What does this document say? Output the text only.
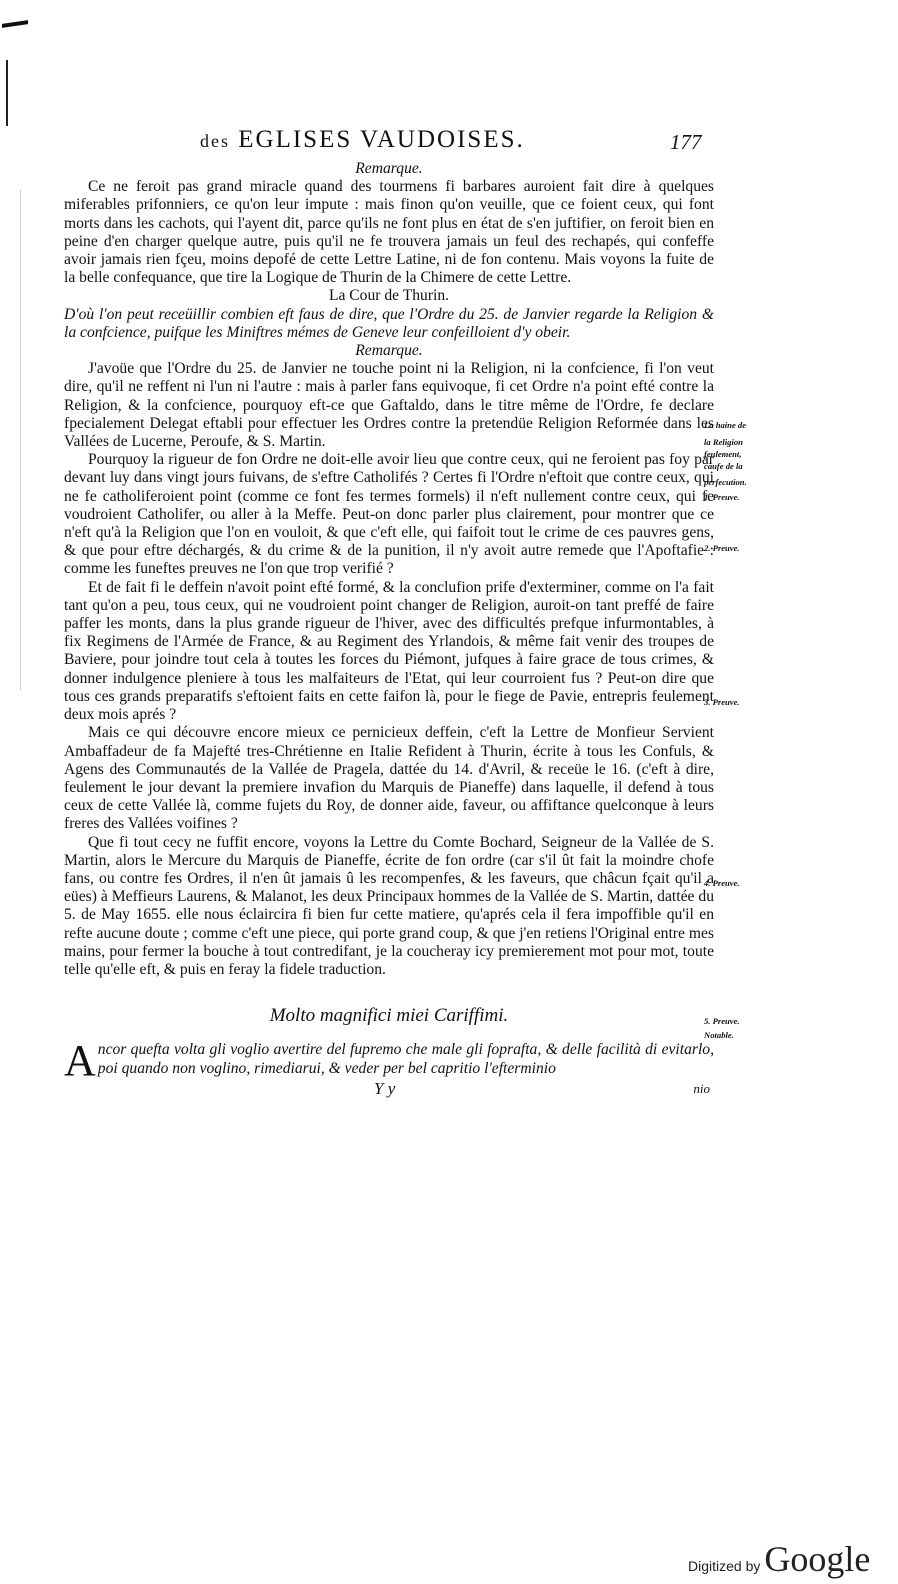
des EGLISES VAUDOISES.	177

Remarque.

Ce ne feroit pas grand miracle quand des tourmens fi barbares auroient fait dire à quelques miferables prifonniers, ce qu'on leur impute : mais finon qu'on veuille, que ce foient ceux, qui font morts dans les cachots, qui l'ayent dit, parce qu'ils ne font plus en état de s'en juftifier, on feroit bien en peine d'en charger quelque autre, puis qu'il ne fe trouvera jamais un feul des rechapés, qui confeffe avoir jamais rien fçeu, moins depofé de cette Lettre Latine, ni de fon contenu. Mais voyons la fuite de la belle confequance, que tire la Logique de Thurin de la Chimere de cette Lettre.

La Cour de Thurin.

D'où l'on peut receüillir combien eft faus de dire, que l'Ordre du 25. de Janvier regarde la Religion & la confcience, puifque les Miniftres mémes de Geneve leur confeilloient d'y obeir.

Remarque.

J'avoüe que l'Ordre du 25. de Janvier ne touche point ni la Religion, ni la confcience, fi l'on veut dire, qu'il ne reffent ni l'un ni l'autre : mais à parler fans equivoque, fi cet Ordre n'a point efté contre la Religion, & la confcience, pourquoy eft-ce que Gaftaldo, dans le titre même de l'Ordre, fe declare fpecialement Delegat eftabli pour effectuer les Ordres contre la pretendüe Religion Reformée dans les Vallées de Lucerne, Peroufe, & S. Martin.

Pourquoy la rigueur de fon Ordre ne doit-elle avoir lieu que contre ceux, qui ne feroient pas foy par devant luy dans vingt jours fuivans, de s'eftre Catholifés ? Certes fi l'Ordre n'eftoit que contre ceux, qui ne fe catholiferoient point (comme ce font fes termes formels) il n'eft nullement contre ceux, qui fe voudroient Catholifer, ou aller à la Meffe. Peut-on donc parler plus clairement, pour montrer que ce n'eft qu'à la Religion que l'on en vouloit, & que c'eft elle, qui faifoit tout le crime de ces pauvres gens, & que pour eftre déchargés, & du crime & de la punition, il n'y avoit autre remede que l'Apoftafie : comme les funeftes preuves ne l'on que trop verifié ?

Et de fait fi le deffein n'avoit point efté formé, & la conclufion prife d'exterminer, comme on l'a fait tant qu'on a peu, tous ceux, qui ne voudroient point changer de Religion, auroit-on tant preffé de faire paffer les monts, dans la plus grande rigueur de l'hiver, avec des difficultés prefque infurmontables, à fix Regimens de l'Armée de France, & au Regiment des Yrlandois, & même fait venir des troupes de Baviere, pour joindre tout cela à toutes les forces du Piémont, jufques à faire grace de tous crimes, & donner indulgence pleniere à tous les malfaiteurs de l'Etat, qui leur courroient fus ? Peut-on dire que tous ces grands preparatifs s'eftoient faits en cette faifon là, pour le fiege de Pavie, entrepris feulement deux mois aprés ?

Mais ce qui découvre encore mieux ce pernicieux deffein, c'eft la Lettre de Monfieur Servient Ambaffadeur de fa Majefté tres-Chrétienne en Italie Refident à Thurin, écrite à tous les Confuls, & Agens des Communautés de la Vallée de Pragela, dattée du 14. d'Avril, & receüe le 16. (c'eft à dire, feulement le jour devant la premiere invafion du Marquis de Pianeffe) dans laquelle, il defend à tous ceux de cette Vallée là, comme fujets du Roy, de donner aide, faveur, ou affiftance quelconque à leurs freres des Vallées voifines ?

Que fi tout cecy ne fuffit encore, voyons la Lettre du Comte Bochard, Seigneur de la Vallée de S. Martin, alors le Mercure du Marquis de Pianeffe, écrite de fon ordre (car s'il ût fait la moindre chofe fans, ou contre fes Ordres, il n'en ût jamais û les recompenfes, & les faveurs, que châcun fçait qu'il a eües) à Meffieurs Laurens, & Malanot, les deux Principaux hommes de la Vallée de S. Martin, dattée du 5. de May 1655. elle nous éclaircira fi bien fur cette matiere, qu'aprés cela il fera impoffible qu'il en refte aucune doute ; comme c'eft une piece, qui porte grand coup, & que j'en retiens l'Original entre mes mains, pour fermer la bouche à tout contredifant, je la coucheray icy premierement mot pour mot, toute telle qu'elle eft, & puis en feray la fidele traduction.

Molto magnifici miei Cariffimi.

Ancor quefta volta gli voglio avertire del fupremo che male gli foprafta, & delle facilità di evitarlo, poi quando non voglino, rimediarui, & veder per bel capritio l'efterminio

Y y	nio
La haine de
la Religion
feulement,
caufe de la
perfecution.
1. Preuve.
2. Preuve.
3. Preuve.
4. Preuve.
5. Preuve.
Notable.
Digitized by Google
